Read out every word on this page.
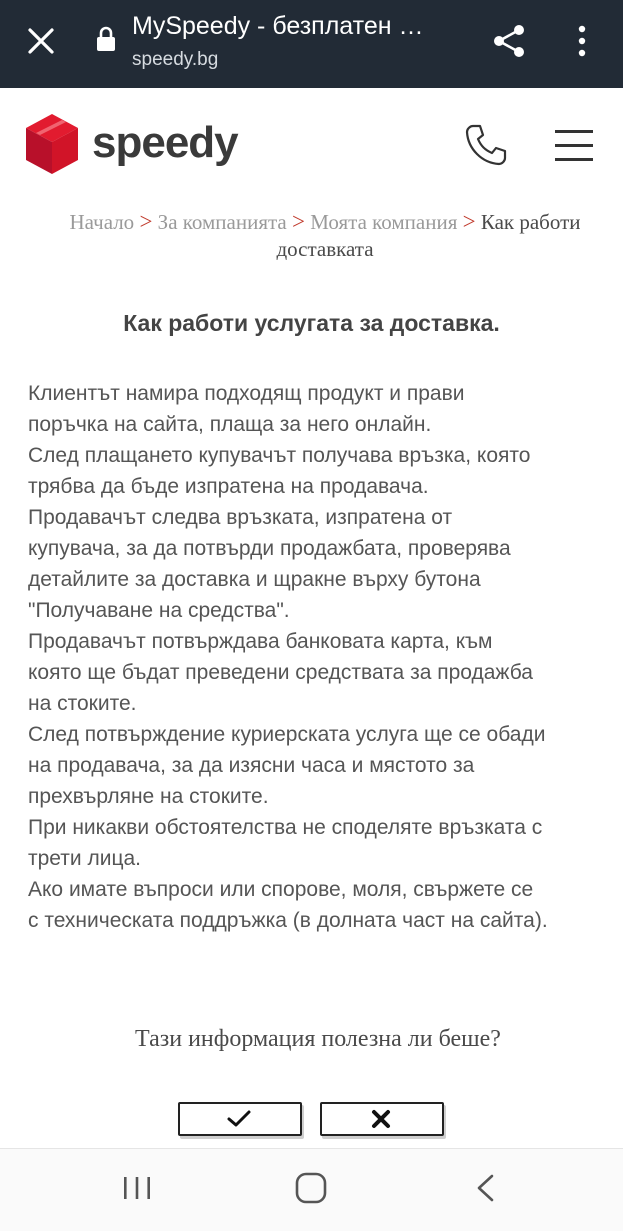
MySpeedy - безплатен …
speedy.bg
speedy
Начало > За компанията > Моята компания > Как работи доставката
Как работи услугата за доставка.

Клиентът намира подходящ продукт и прави

поръчка на сайта, плаща за него онлайн.

След плащането купувачът получава връзка, която

трябва да бъде изпратена на продавача.

Продавачът следва връзката, изпратена от

купувача, за да потвърди продажбата, проверява

детайлите за доставка и щракне върху бутона

"Получаване на средства".

Продавачът потвърждава банковата карта, към

която ще бъдат преведени средствата за продажба

на стоките.

След потвърждение куриерската услуга ще се обади

на продавача, за да изясни часа и мястото за

прехвърляне на стоките.

При никакви обстоятелства не споделяте връзката с

трети лица.

Ако имате въпроси или спорове, моля, свържете се

с техническата поддръжка (в долната част на сайта).

Тази информация полезна ли беше?
